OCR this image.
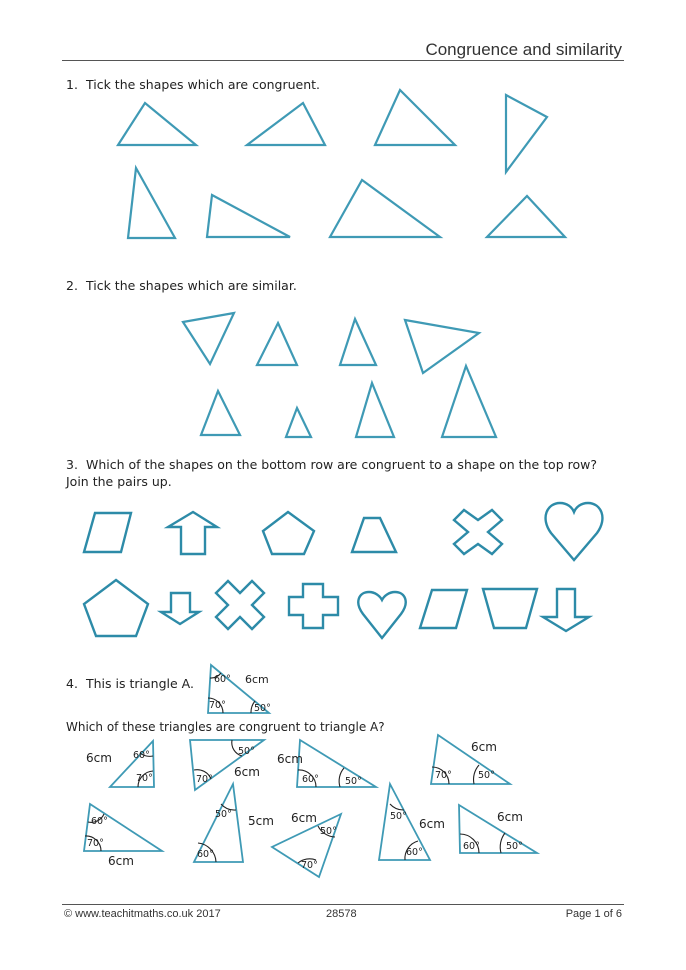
Congruence and similarity
1. Tick the shapes which are congruent.
2. Tick the shapes which are similar.
3. Which of the shapes on the bottom row are congruent to a shape on the top row? Join the pairs up.
4. This is triangle A.
Which of these triangles are congruent to triangle A?
60°
70°	50°
6cm
60°
70°
6cm	50°
70°
6cm
60°	50°
6cm
70°	50°
6cm
60°
70°
6cm
50°
60°
5cm
50°
70°
6cm	50°
60°
6cm
60°	50°
6cm
© www.teachitmaths.co.uk 2017	28578	Page 1 of 6
